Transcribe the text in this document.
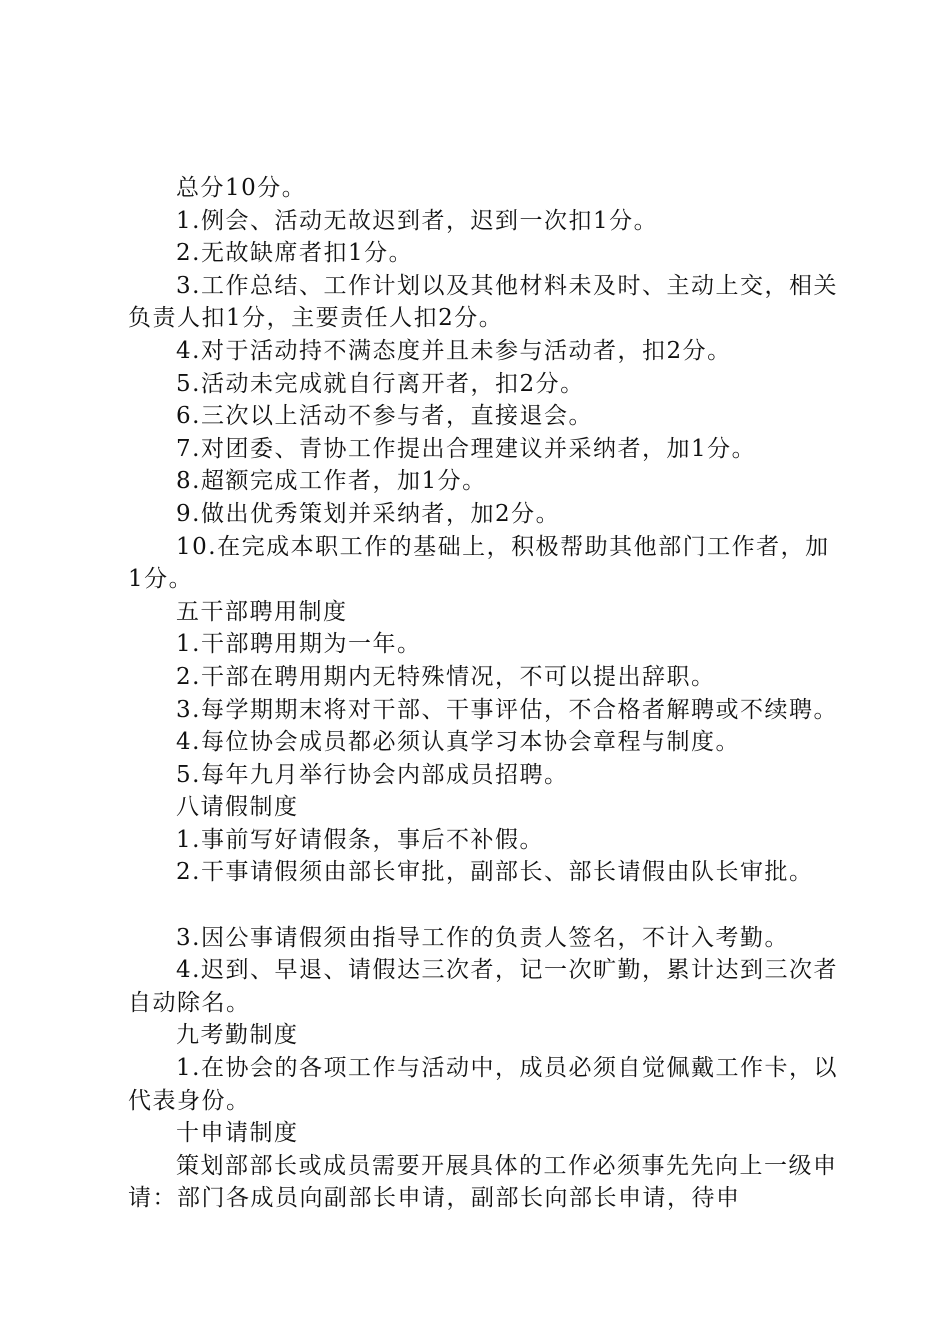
总分10分。

1.例会、活动无故迟到者，迟到一次扣1分。

2.无故缺席者扣1分。

3.工作总结、工作计划以及其他材料未及时、主动上交，相关负责人扣1分，主要责任人扣2分。

4.对于活动持不满态度并且未参与活动者，扣2分。

5.活动未完成就自行离开者，扣2分。

6.三次以上活动不参与者，直接退会。

7.对团委、青协工作提出合理建议并采纳者，加1分。

8.超额完成工作者，加1分。

9.做出优秀策划并采纳者，加2分。

10.在完成本职工作的基础上，积极帮助其他部门工作者，加1分。

五干部聘用制度

1.干部聘用期为一年。

2.干部在聘用期内无特殊情况，不可以提出辞职。

3.每学期期末将对干部、干事评估，不合格者解聘或不续聘。

4.每位协会成员都必须认真学习本协会章程与制度。

5.每年九月举行协会内部成员招聘。

八请假制度

1.事前写好请假条，事后不补假。

2.干事请假须由部长审批，副部长、部长请假由队长审批。

3.因公事请假须由指导工作的负责人签名，不计入考勤。

4.迟到、早退、请假达三次者，记一次旷勤，累计达到三次者自动除名。

九考勤制度

1.在协会的各项工作与活动中，成员必须自觉佩戴工作卡，以代表身份。

十申请制度

策划部部长或成员需要开展具体的工作必须事先先向上一级申请：部门各成员向副部长申请，副部长向部长申请，待申
